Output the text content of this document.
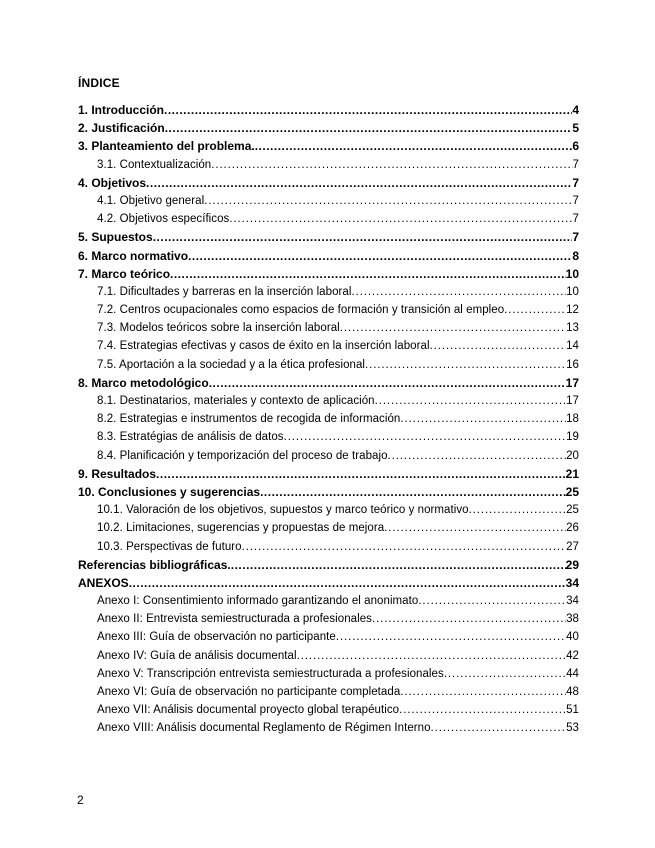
ÍNDICE
1. Introducción .....	4
2. Justificación .....	5
3. Planteamiento del problema. .....	6
3.1. Contextualización .....	7
4. Objetivos .....	7
4.1. Objetivo general .....	7
4.2. Objetivos específicos .....	7
5. Supuestos .....	7
6. Marco normativo .....	8
7. Marco teórico .....	10
7.1. Dificultades y barreras en la inserción laboral .....	10
7.2. Centros ocupacionales como espacios de formación y transición al empleo .....	12
7.3. Modelos teóricos sobre la inserción laboral .....	13
7.4. Estrategias efectivas y casos de éxito en la inserción laboral .....	14
7.5. Aportación a la sociedad y a la ética profesional .....	16
8. Marco metodológico .....	17
8.1. Destinatarios, materiales y contexto de aplicación .....	17
8.2. Estrategias e instrumentos de recogida de información .....	18
8.3. Estratégias de análisis de datos .....	19
8.4. Planificación y temporización del proceso de trabajo .....	20
9. Resultados .....	21
10. Conclusiones y sugerencias .....	25
10.1. Valoración de los objetivos, supuestos y marco teórico y normativo .....	25
10.2. Limitaciones, sugerencias y propuestas de mejora .....	26
10.3. Perspectivas de futuro .....	27
Referencias bibliográficas. .....	29
ANEXOS .....	34
Anexo I: Consentimiento informado garantizando el anonimato .....	34
Anexo II: Entrevista semiestructurada a profesionales .....	38
Anexo III: Guía de observación no participante .....	40
Anexo IV: Guía de análisis documental .....	42
Anexo V: Transcripción entrevista semiestructurada a profesionales .....	44
Anexo VI: Guía de observación no participante completada .....	48
Anexo VII: Análisis documental proyecto global terapéutico .....	51
Anexo VIII: Análisis documental Reglamento de Régimen Interno .....	53
2
